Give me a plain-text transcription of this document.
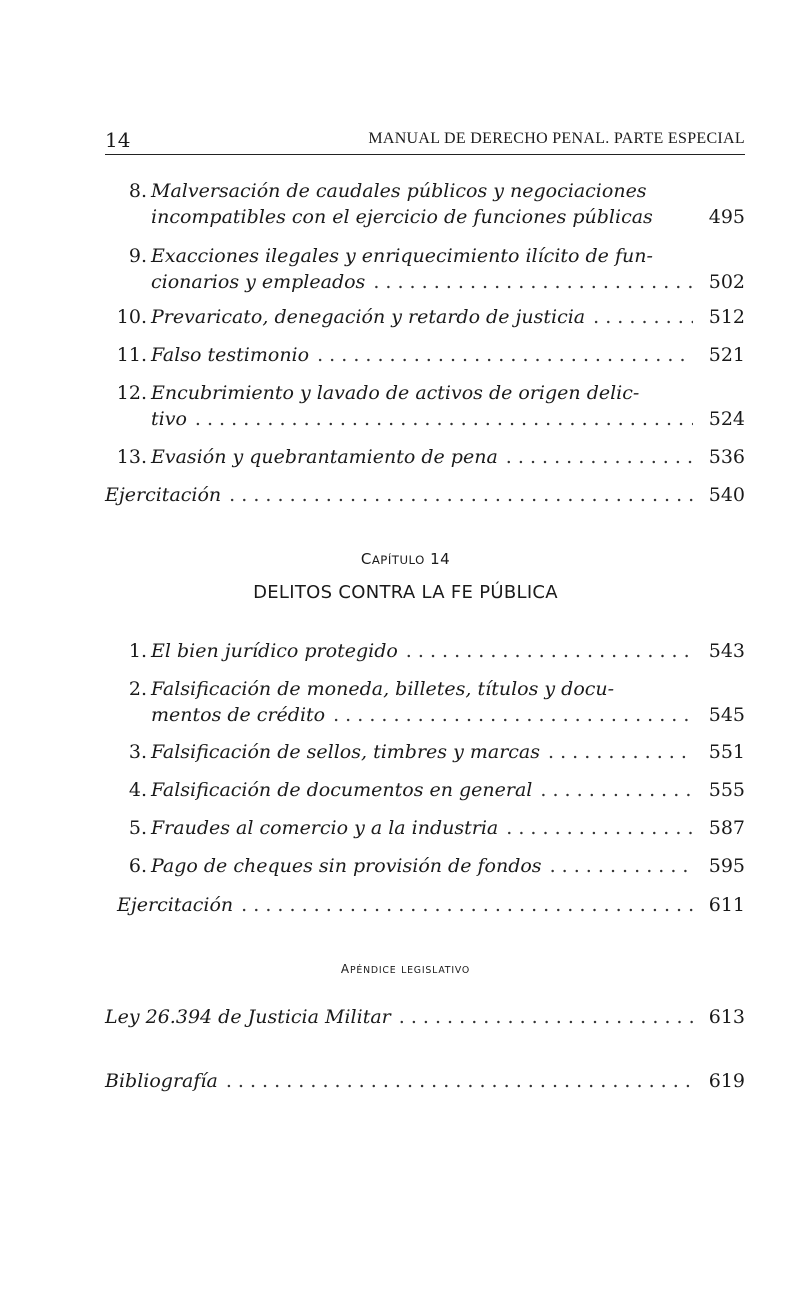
14	MANUAL DE DERECHO PENAL. PARTE ESPECIAL
8. Malversación de caudales públicos y negociaciones
incompatibles con el ejercicio de funciones públicas	495
9. Exacciones ilegales y enriquecimiento ilícito de fun-
cionarios y empleados . . .	502
10. Prevaricato, denegación y retardo de justicia . . .	512
11. Falso testimonio . . .	521
12. Encubrimiento y lavado de activos de origen delic-
tivo . . .	524
13. Evasión y quebrantamiento de pena . . .	536
Ejercitación . . .	540
CAPÍTULO 14
DELITOS CONTRA LA FE PÚBLICA
1. El bien jurídico protegido . . .	543
2. Falsificación de moneda, billetes, títulos y docu-
mentos de crédito . . .	545
3. Falsificación de sellos, timbres y marcas . . .	551
4. Falsificación de documentos en general . . .	555
5. Fraudes al comercio y a la industria . . .	587
6. Pago de cheques sin provisión de fondos . . .	595
Ejercitación . . .	611
APÉNDICE LEGISLATIVO
Ley 26.394 de Justicia Militar . . .	613
Bibliografía . . .	619
